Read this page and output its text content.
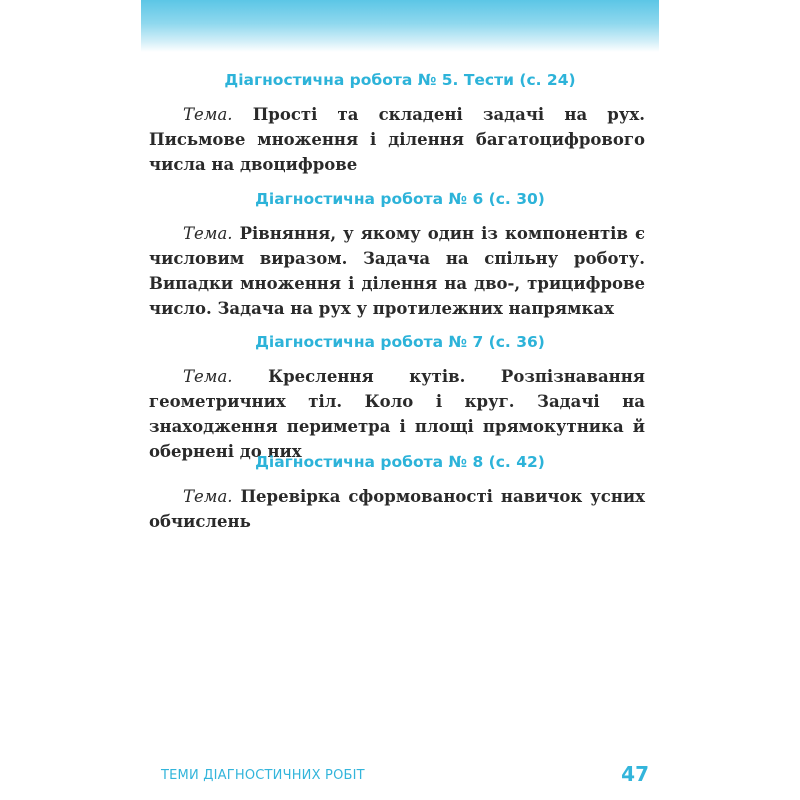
Діагностична робота № 5. Тести (с. 24)

Тема. Прості та складені задачі на рух. Письмове множення і ділення багатоцифрового числа на двоцифрове

Діагностична робота № 6 (с. 30)

Тема. Рівняння, у якому один із компонентів є числовим виразом. Задача на спільну роботу. Випадки множення і ділення на дво-, трицифрове число. Задача на рух у протилежних напрямках

Діагностична робота № 7 (с. 36)

Тема. Креслення кутів. Розпізнавання геометричних тіл. Коло і круг. Задачі на знаходження периметра і площі прямокутника й обернені до них

Діагностична робота № 8 (с. 42)

Тема. Перевірка сформованості навичок усних обчислень

ТЕМИ ДІАГНОСТИЧНИХ РОБІТ	47
